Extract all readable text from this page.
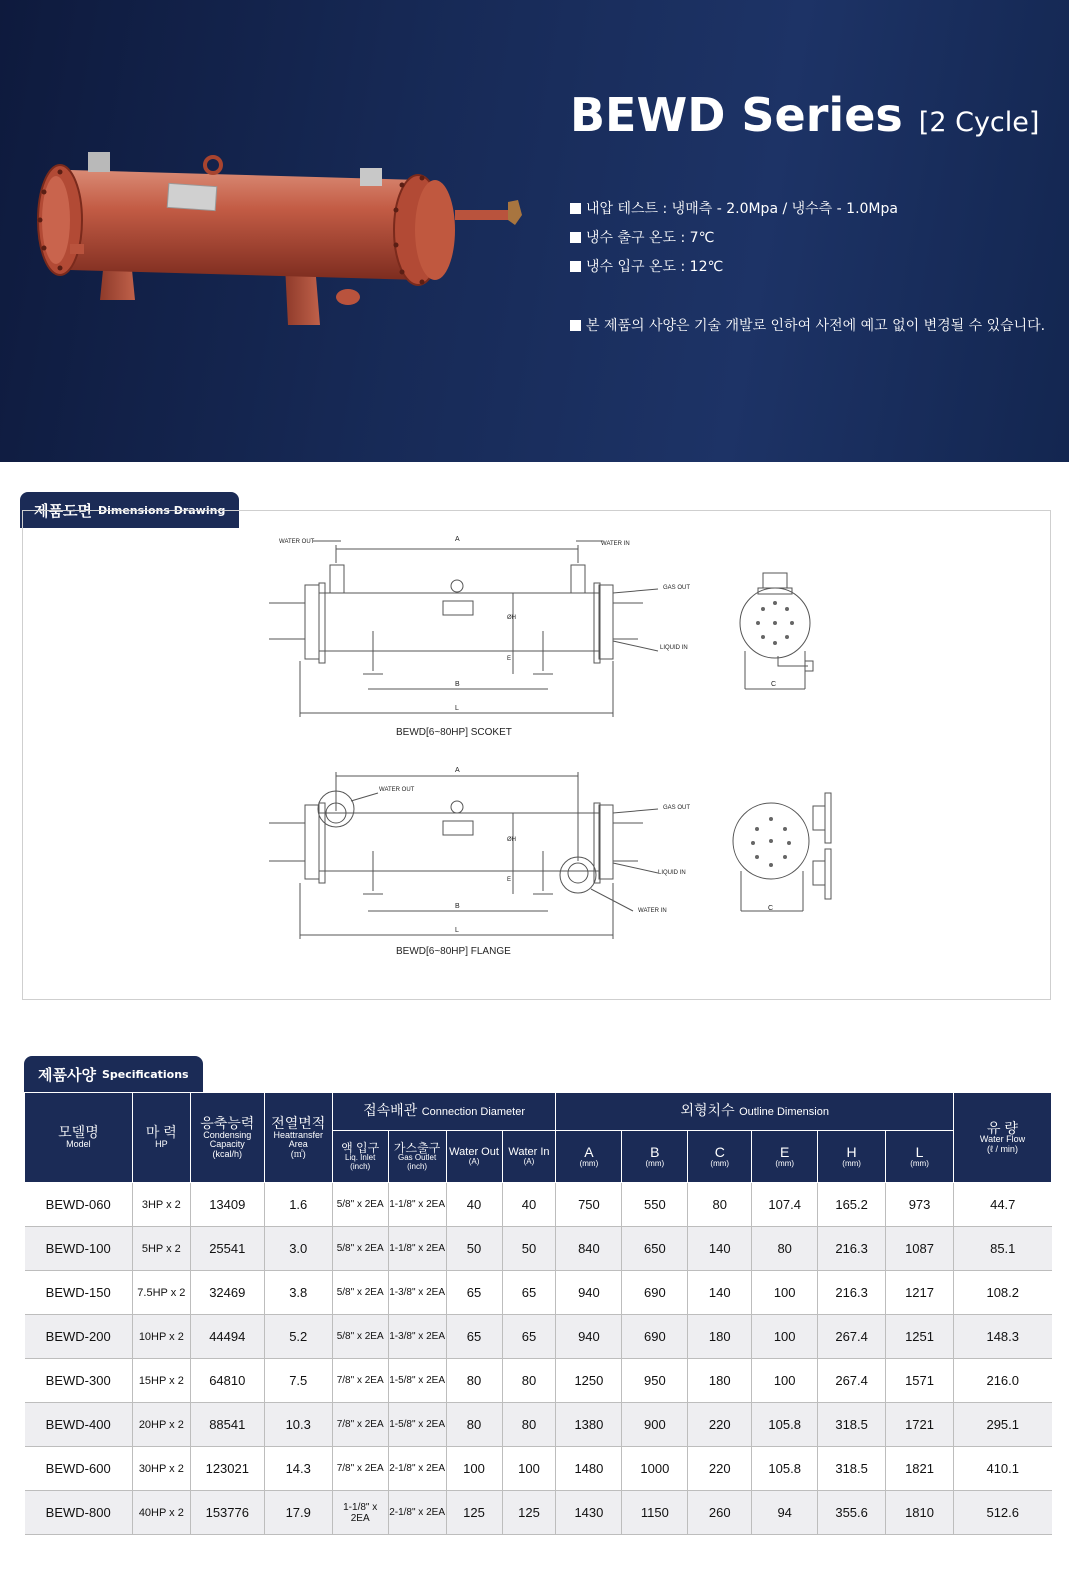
BEWD Series [2 Cycle]
내압 테스트 : 냉매측 - 2.0Mpa / 냉수측 - 1.0Mpa
냉수 출구 온도 : 7℃
냉수 입구 온도 : 12℃
본 제품의 사양은 기술 개발로 인하여 사전에 예고 없이 변경될 수 있습니다.
제품도면 Dimensions Drawing
WATER OUT	WATER IN
GAS OUT
LIQUID IN
A
B
L
ØH
E
C
BEWD[6~80HP] SCOKET
WATER OUT
WATER IN
GAS OUT
LIQUID IN
A
B
L
ØH
E
C
BEWD[6~80HP] FLANGE
제품사양 Specifications
모델명
Model	마 력
HP	응축능력
Condensing
Capacity
(kcal/h)	전열면적
Heattransfer
Area
(㎡)	접속배관 Connection Diameter				외형치수 Outline Dimension						유 량
Water Flow
(ℓ / min)

				액 입구
Liq. Inlet
(inch)	가스출구
Gas Outlet
(inch)	Water Out
(A)	Water In
(A)	A
(mm)	B
(mm)	C
(mm)	E
(mm)	H
(mm)	L
(mm)	

BEWD-060	3HP x 2	13409	1.6	5/8" x 2EA	1-1/8" x 2EA	40	40	750	550	80	107.4	165.2	973	44.7
BEWD-100	5HP x 2	25541	3.0	5/8" x 2EA	1-1/8" x 2EA	50	50	840	650	140	80	216.3	1087	85.1
BEWD-150	7.5HP x 2	32469	3.8	5/8" x 2EA	1-3/8" x 2EA	65	65	940	690	140	100	216.3	1217	108.2
BEWD-200	10HP x 2	44494	5.2	5/8" x 2EA	1-3/8" x 2EA	65	65	940	690	180	100	267.4	1251	148.3
BEWD-300	15HP x 2	64810	7.5	7/8" x 2EA	1-5/8" x 2EA	80	80	1250	950	180	100	267.4	1571	216.0
BEWD-400	20HP x 2	88541	10.3	7/8" x 2EA	1-5/8" x 2EA	80	80	1380	900	220	105.8	318.5	1721	295.1
BEWD-600	30HP x 2	123021	14.3	7/8" x 2EA	2-1/8" x 2EA	100	100	1480	1000	220	105.8	318.5	1821	410.1
BEWD-800	40HP x 2	153776	17.9	1-1/8" x 2EA	2-1/8" x 2EA	125	125	1430	1150	260	94	355.6	1810	512.6
